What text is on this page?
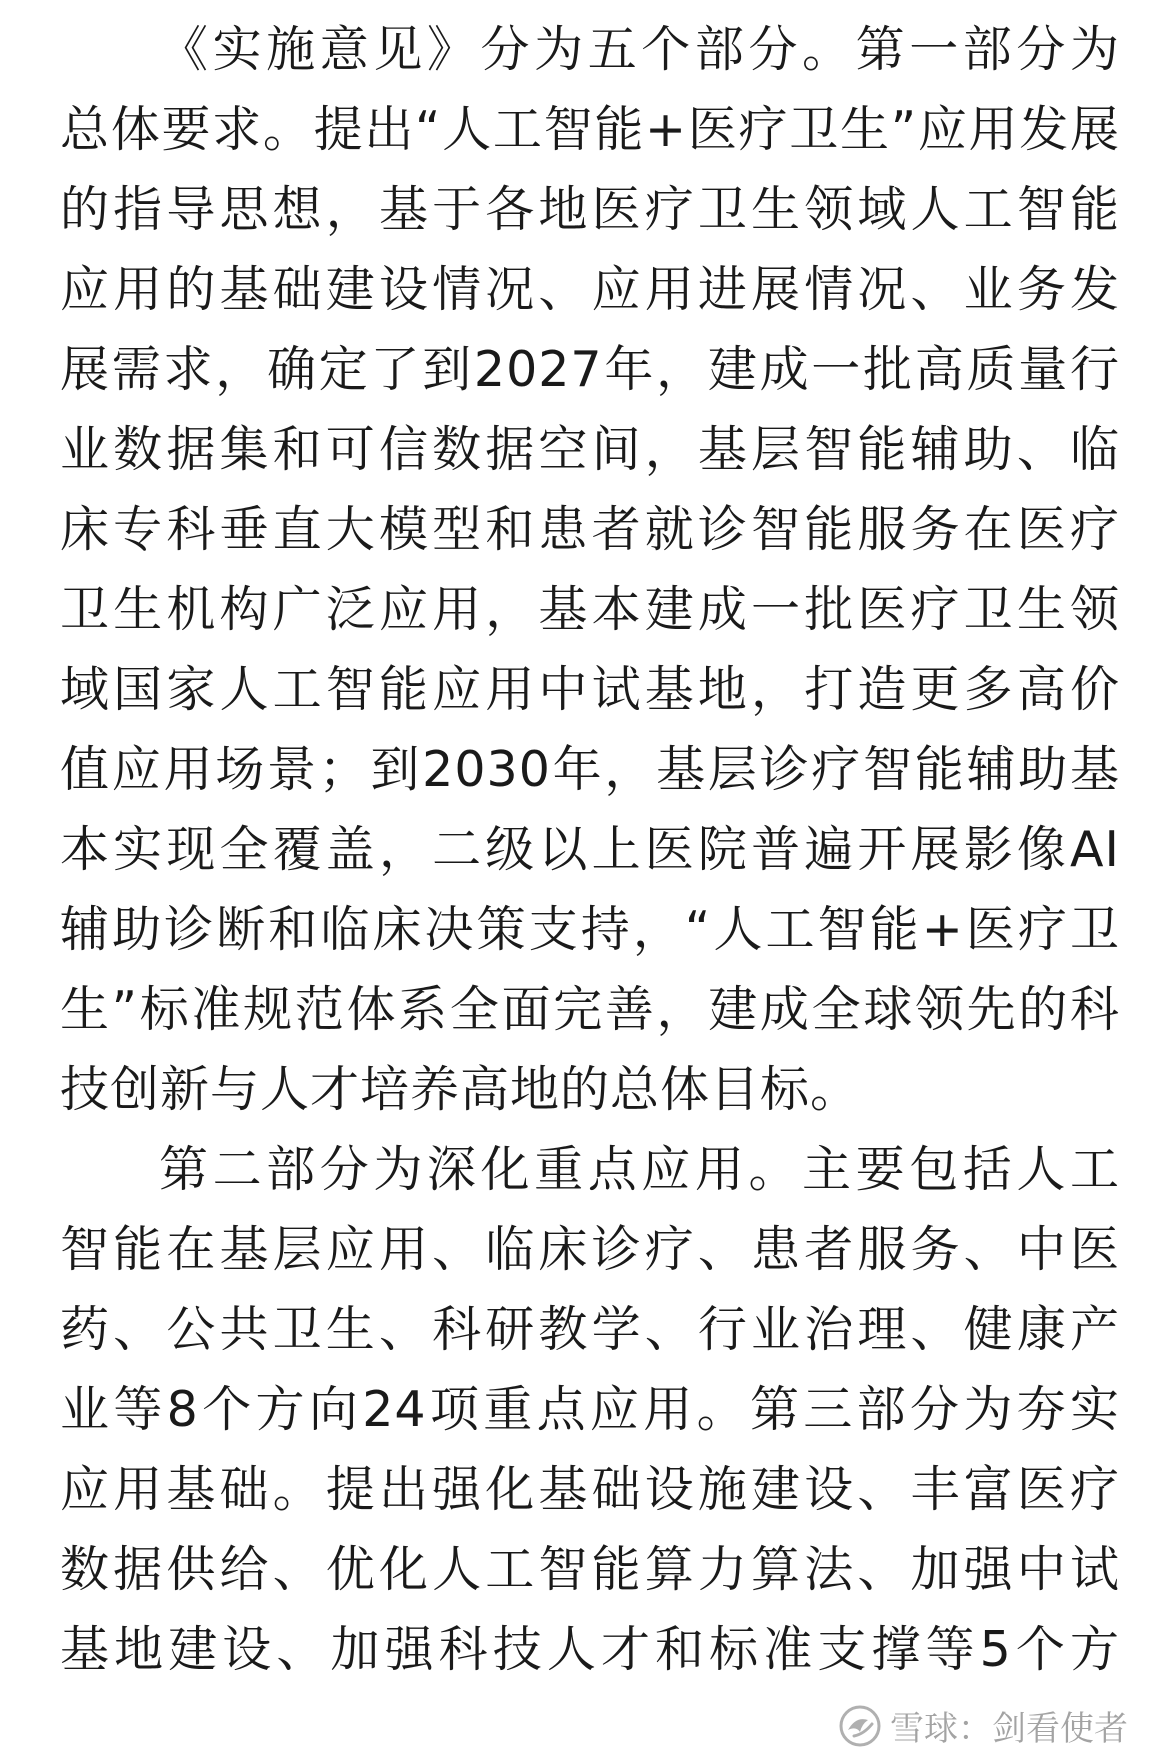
《实施意见》分为五个部分。第一部分为
总体要求。提出“人工智能+医疗卫生”应用发展
的指导思想，基于各地医疗卫生领域人工智能
应用的基础建设情况、应用进展情况、业务发
展需求，确定了到2027年，建成一批高质量行
业数据集和可信数据空间，基层智能辅助、临
床专科垂直大模型和患者就诊智能服务在医疗
卫生机构广泛应用，基本建成一批医疗卫生领
域国家人工智能应用中试基地，打造更多高价
值应用场景；到2030年，基层诊疗智能辅助基
本实现全覆盖，二级以上医院普遍开展影像AI
辅助诊断和临床决策支持，“人工智能+医疗卫
生”标准规范体系全面完善，建成全球领先的科
技创新与人才培养高地的总体目标。
第二部分为深化重点应用。主要包括人工
智能在基层应用、临床诊疗、患者服务、中医
药、公共卫生、科研教学、行业治理、健康产
业等8个方向24项重点应用。第三部分为夯实
应用基础。提出强化基础设施建设、丰富医疗
数据供给、优化人工智能算力算法、加强中试
基地建设、加强科技人才和标准支撑等5个方
雪球：剑看使者
